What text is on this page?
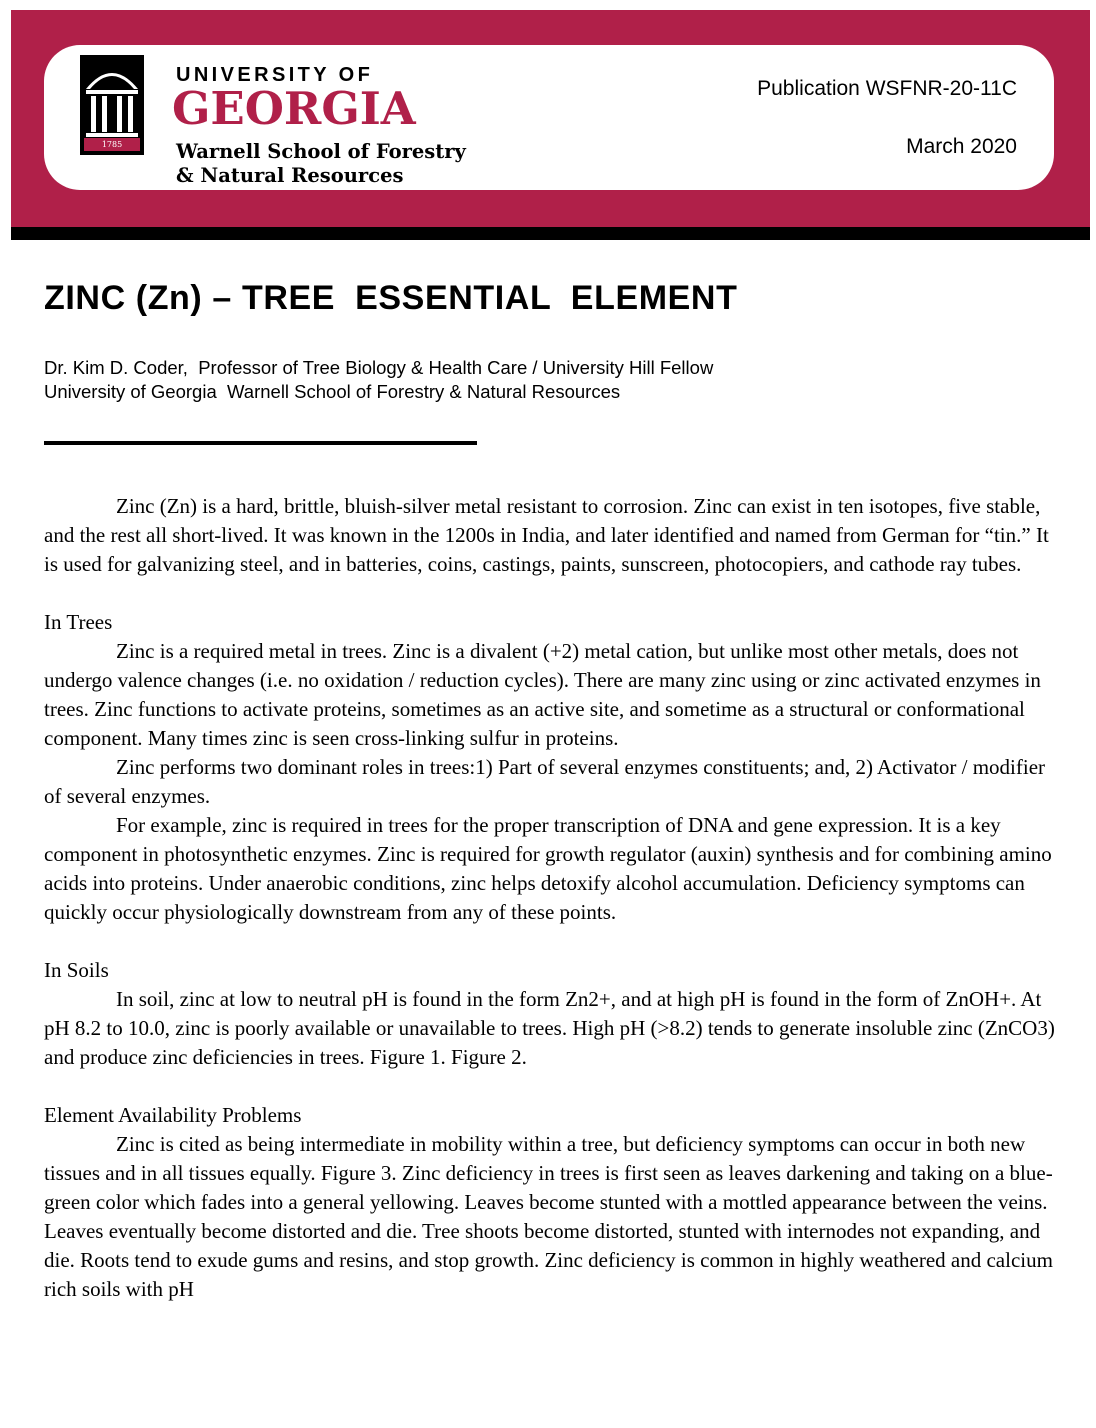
1785
UNIVERSITY OF
GEORGIA
Warnell School of Forestry
& Natural Resources
Publication WSFNR-20-11C
March 2020
ZINC (Zn) – TREE  ESSENTIAL  ELEMENT
Dr. Kim D. Coder,  Professor of Tree Biology & Health Care / University Hill Fellow
University of Georgia  Warnell School of Forestry & Natural Resources

Zinc (Zn) is a hard, brittle, bluish-silver metal resistant to corrosion. Zinc can exist in ten isotopes, five stable, and the rest all short-lived. It was known in the 1200s in India, and later identified and named from German for “tin.” It is used for galvanizing steel, and in batteries, coins, castings, paints, sunscreen, photocopiers, and cathode ray tubes.

In Trees

Zinc is a required metal in trees. Zinc is a divalent (+2) metal cation, but unlike most other metals, does not undergo valence changes (i.e. no oxidation / reduction cycles). There are many zinc using or zinc activated enzymes in trees. Zinc functions to activate proteins, sometimes as an active site, and sometime as a structural or conformational component. Many times zinc is seen cross-linking sulfur in proteins.

Zinc performs two dominant roles in trees:1) Part of several enzymes constituents; and, 2) Activator / modifier of several enzymes.

For example, zinc is required in trees for the proper transcription of DNA and gene expression. It is a key component in photosynthetic enzymes. Zinc is required for growth regulator (auxin) synthesis and for combining amino acids into proteins. Under anaerobic conditions, zinc helps detoxify alcohol accumulation. Deficiency symptoms can quickly occur physiologically downstream from any of these points.

In Soils

In soil, zinc at low to neutral pH is found in the form Zn2+, and at high pH is found in the form of ZnOH+. At pH 8.2 to 10.0, zinc is poorly available or unavailable to trees. High pH (>8.2) tends to generate insoluble zinc (ZnCO3) and produce zinc deficiencies in trees. Figure 1. Figure 2.

Element Availability Problems

Zinc is cited as being intermediate in mobility within a tree, but deficiency symptoms can occur in both new tissues and in all tissues equally. Figure 3. Zinc deficiency in trees is first seen as leaves darkening and taking on a blue-green color which fades into a general yellowing. Leaves become stunted with a mottled appearance between the veins. Leaves eventually become distorted and die. Tree shoots become distorted, stunted with internodes not expanding, and die. Roots tend to exude gums and resins, and stop growth. Zinc deficiency is common in highly weathered and calcium rich soils with pH
